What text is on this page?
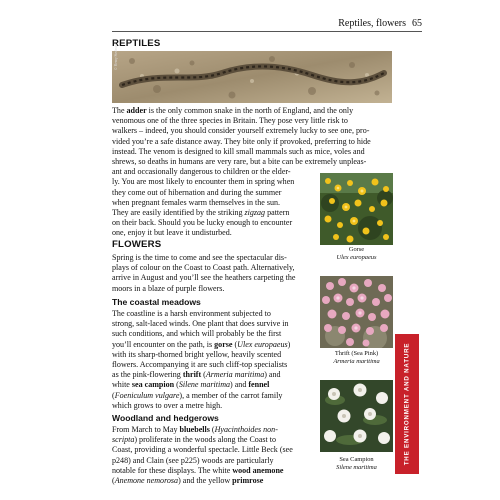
Reptiles, flowers 65
REPTILES
© Henry Stedman

The adder is the only common snake in the north of England, and the only

venomous one of the three species in Britain. They pose very little risk to

walkers – indeed, you should consider yourself extremely lucky to see one, pro-

vided you’re a safe distance away. They bite only if provoked, preferring to hide

instead. The venom is designed to kill small mammals such as mice, voles and

shrews, so deaths in humans are very rare, but a bite can be extremely unpleas-

ant and occasionally dangerous to children or the elder-

ly. You are most likely to encounter them in spring when

they come out of hibernation and during the summer

when pregnant females warm themselves in the sun.

They are easily identified by the striking zigzag pattern

on their back. Should you be lucky enough to encounter

one, enjoy it but leave it undisturbed.

Gorse
Ulex europaeus
FLOWERS

Spring is the time to come and see the spectacular dis-

plays of colour on the Coast to Coast path. Alternatively,

arrive in August and you’ll see the heathers carpeting the

moors in a blaze of purple flowers.

The coastal meadows

The coastline is a harsh environment subjected to

strong, salt-laced winds. One plant that does survive in

such conditions, and which will probably be the first

you’ll encounter on the path, is gorse (Ulex europaeus)

with its sharp-thorned bright yellow, heavily scented

flowers. Accompanying it are such cliff-top specialists

as the pink-flowering thrift (Armeria maritima) and

white sea campion (Silene maritima) and fennel

(Foeniculum vulgare), a member of the carrot family

which grows to over a metre high.

Thrift (Sea Pink)
Armeria maritima
Woodland and hedgerows

From March to May bluebells (Hyacinthoides non-

scripta) proliferate in the woods along the Coast to

Coast, providing a wonderful spectacle. Little Beck (see

p248) and Clain (see p225) woods are particularly

notable for these displays. The white wood anemone

(Anemone nemorosa) and the yellow primrose

Sea Campion
Silene maritima
THE ENVIRONMENT AND NATURE
